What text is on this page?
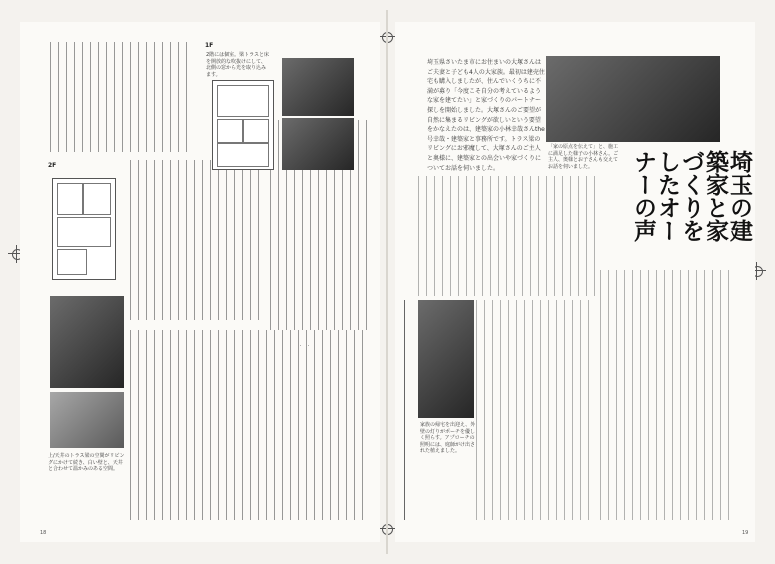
2F
1F
2階には個室。梁トラスと床を開放的な吹抜けにして、北側の窓から光を取り込みます。
上/天井のトラス梁の空間がリビングにかけて続き、白い壁と、天井と合わせて温かみのある空間。
18
埼玉県さいたま市にお住まいの大塚さんはご夫妻と子ども4人の大家族。最初は建売住宅も購入しましたが、住んでいくうちに不満が募り「今度こそ自分の考えているような家を建てたい」と家づくりのパートナー探しを開始しました。大塚さんのご要望が自然に集まるリビングが欲しいという要望をかなえたのは、建築家の小林幸哉さんthe号幸哉・建築家と事務所です。トラス梁のリビングにお邪魔して、大塚さんのご主人と奥様に、建築家との出会いや家づくりについてお話を伺いました。
「家の原点を伝えて」と、施工に満足した様子の小林さん。ご主人、奥様とお子さんも交えてお話を伺いました。	埼玉の建築家と家づくりをしたオーナーの声
家族の帰宅を出迎え、外壁の灯りがポーチを優しく照らす。アプローチの照明には、庭師がけ出された植えました。
19
